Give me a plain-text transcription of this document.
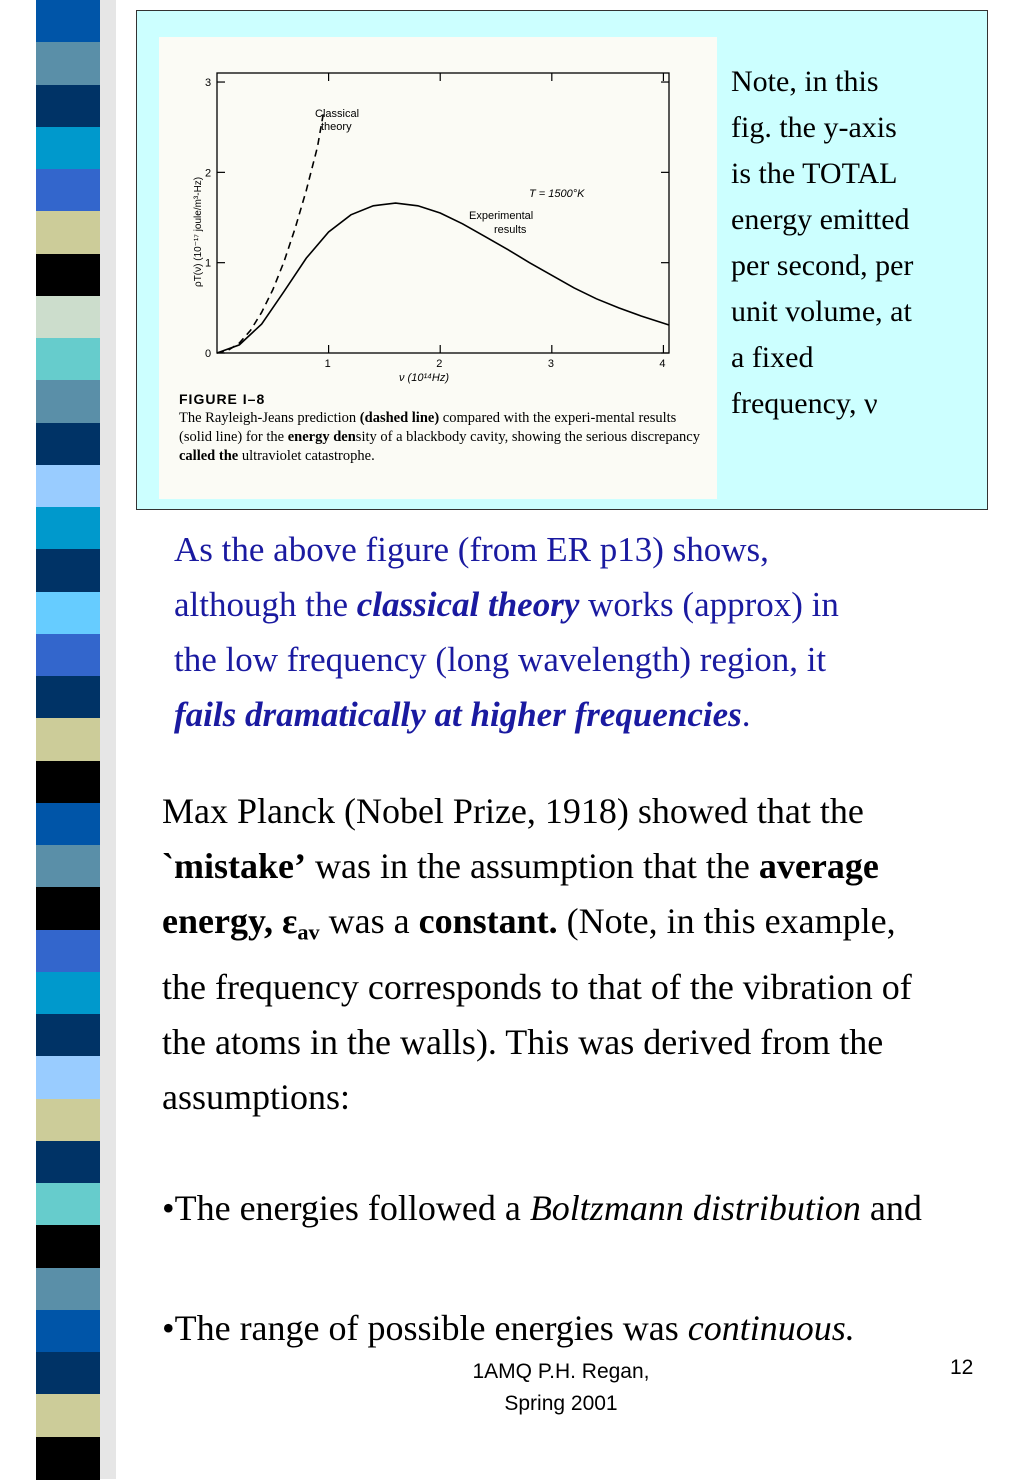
1	2	3	4
0
1
2
3
Classical
theory
T = 1500°K
Experimental
results
ν (10¹⁴Hz)
ρT(ν) (10⁻¹⁷ joule/m³-Hz)
FIGURE I–8
The Rayleigh-Jeans prediction (dashed line) compared with the experi-mental results (solid line) for the energy density of a blackbody cavity, showing the serious discrepancy called the ultraviolet catastrophe.
Note, in this
fig. the y-axis
is the TOTAL
energy emitted
per second, per
unit volume, at
a fixed
frequency, ν
As the above figure (from ER p13) shows, although the classical theory works (approx) in the low frequency (long wavelength) region, it fails dramatically at higher frequencies.
Max Planck (Nobel Prize, 1918) showed that the `mistake’ was in the assumption that the average energy, $\varepsilon_{av}$ was a constant. (Note, in this example, the frequency corresponds to that of the vibration of the atoms in the walls). This was derived from the assumptions:
•The energies followed a Boltzmann distribution and
•The range of possible energies was continuous.
1AMQ P.H. Regan,
Spring 2001
12
